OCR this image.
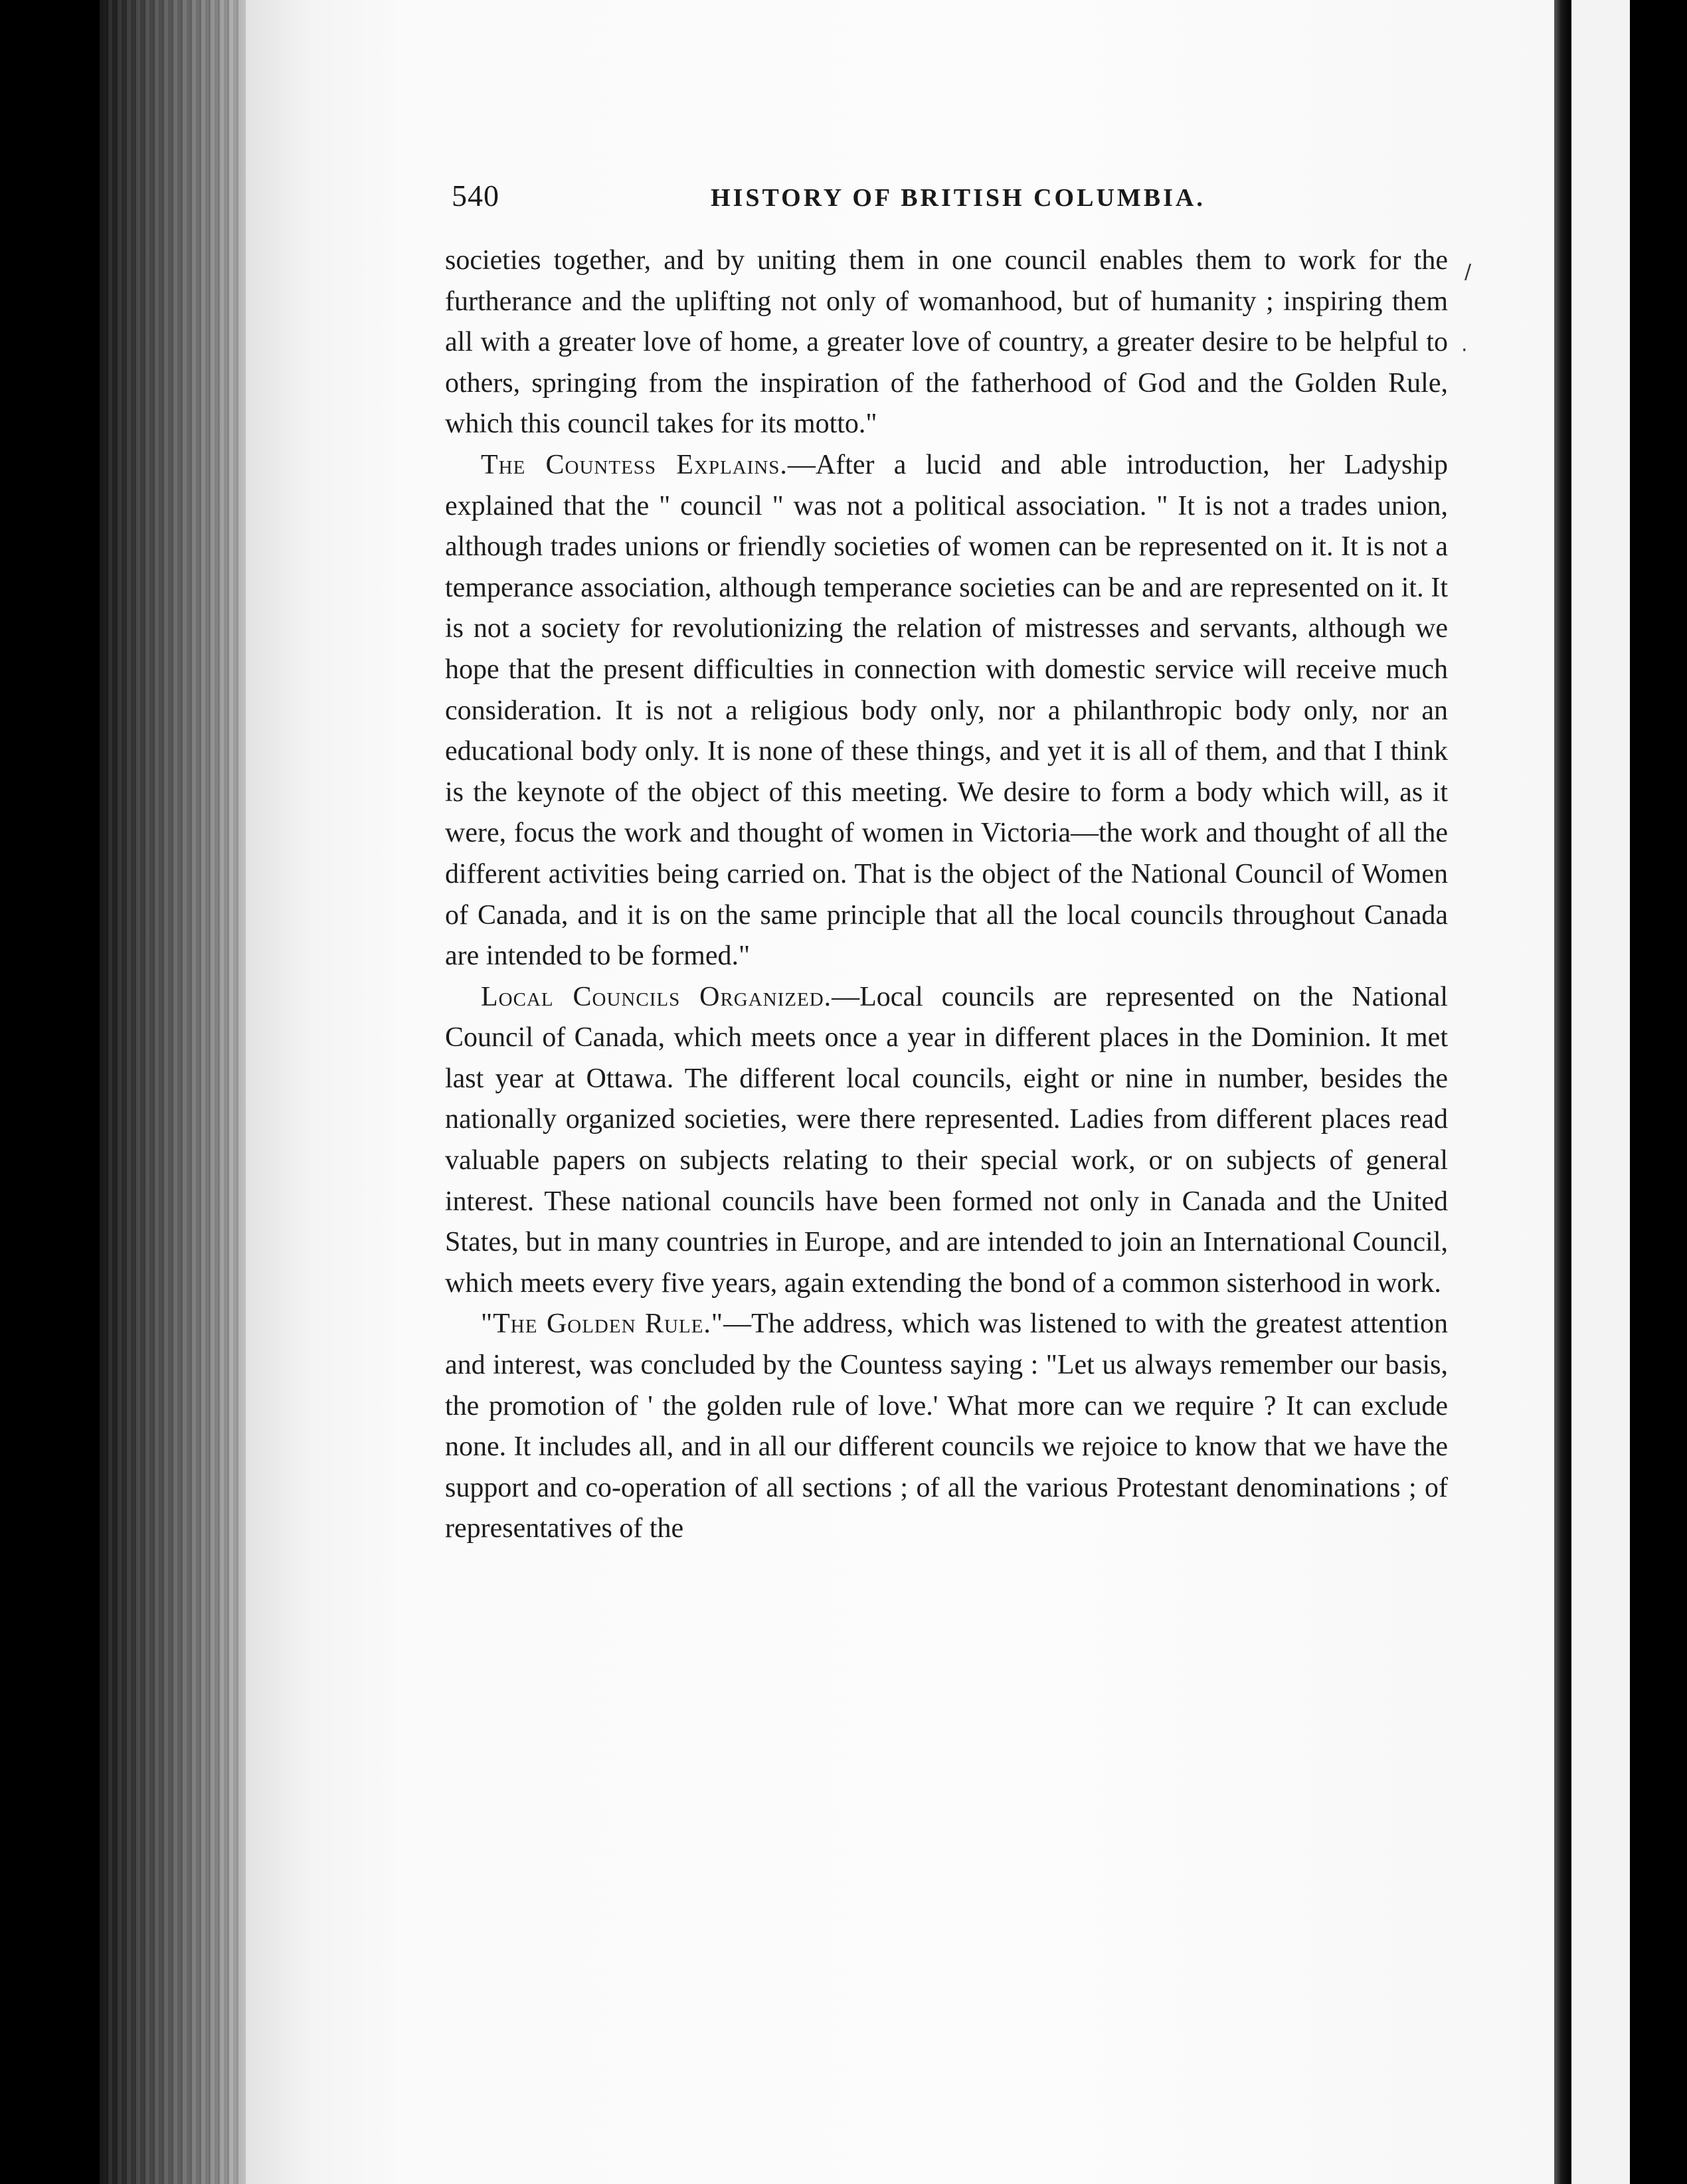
540	HISTORY OF BRITISH COLUMBIA.
/
·

societies together, and by uniting them in one council enables them to work for the furtherance and the uplifting not only of womanhood, but of humanity ; inspiring them all with a greater love of home, a greater love of country, a greater desire to be helpful to others, springing from the inspiration of the fatherhood of God and the Golden Rule, which this council takes for its motto."

The Countess Explains.—After a lucid and able introduction, her Ladyship explained that the " council " was not a political association. " It is not a trades union, although trades unions or friendly societies of women can be represented on it. It is not a temperance association, although temperance societies can be and are represented on it. It is not a society for revolutionizing the relation of mistresses and servants, although we hope that the present difficulties in connection with domestic service will receive much consideration. It is not a religious body only, nor a philanthropic body only, nor an educational body only. It is none of these things, and yet it is all of them, and that I think is the keynote of the object of this meeting. We desire to form a body which will, as it were, focus the work and thought of women in Victoria—the work and thought of all the different activities being carried on. That is the object of the National Council of Women of Canada, and it is on the same principle that all the local councils throughout Canada are intended to be formed."

Local Councils Organized.—Local councils are represented on the National Council of Canada, which meets once a year in different places in the Dominion. It met last year at Ottawa. The different local councils, eight or nine in number, besides the nationally organized societies, were there represented. Ladies from different places read valuable papers on subjects relating to their special work, or on subjects of general interest. These national councils have been formed not only in Canada and the United States, but in many countries in Europe, and are intended to join an International Council, which meets every five years, again extending the bond of a common sisterhood in work.

"The Golden Rule."—The address, which was listened to with the greatest attention and interest, was concluded by the Countess saying : "Let us always remember our basis, the promotion of ' the golden rule of love.' What more can we require ? It can exclude none. It includes all, and in all our different councils we rejoice to know that we have the support and co-operation of all sections ; of all the various Protestant denominations ; of representatives of the
